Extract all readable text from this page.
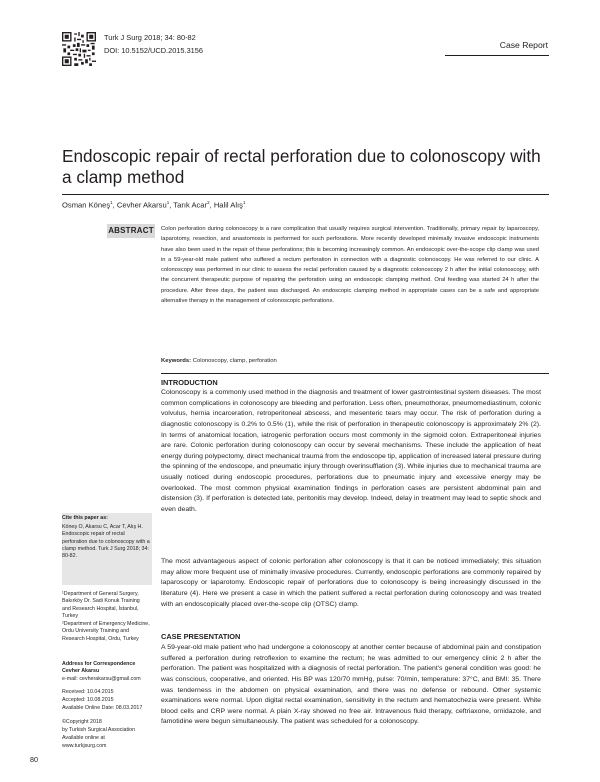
Turk J Surg 2018; 34: 80-82
DOI: 10.5152/UCD.2015.3156
Case Report
Endoscopic repair of rectal perforation due to colonoscopy with a clamp method
Osman Köneş$^1$, Cevher Akarsu$^1$, Tarık Acar$^2$, Halil Alış$^1$
ABSTRACT Colon perforation during colonoscopy is a rare complication that usually requires surgical intervention. Traditionally, primary repair by laparoscopy, laparotomy, resection, and anastomosis is performed for such perforations. More recently developed minimally invasive endoscopic instruments have also been used in the repair of these perforations; this is becoming increasingly common. An endoscopic over-the-scope clip clamp was used in a 59-year-old male patient who suffered a rectum perforation in connection with a diagnostic colonoscopy. He was referred to our clinic. A colonoscopy was performed in our clinic to assess the rectal perforation caused by a diagnostic colonoscopy 2 h after the initial colonoscopy, with the concurrent therapeutic purpose of repairing the perforation using an endoscopic clamping method. Oral feeding was started 24 h after the procedure. After three days, the patient was discharged. An endoscopic clamping method in appropriate cases can be a safe and appropriate alternative therapy in the management of colonoscopic perforations.
Keywords: Colonoscopy, clamp, perforation
INTRODUCTION
Colonoscopy is a commonly used method in the diagnosis and treatment of lower gastrointestinal system diseases. The most common complications in colonoscopy are bleeding and perforation. Less often, pneumothorax, pneumomediastinum, colonic volvulus, hernia incarceration, retroperitoneal abscess, and mesenteric tears may occur. The risk of perforation during a diagnostic colonoscopy is 0.2% to 0.5% (1), while the risk of perforation in therapeutic colonoscopy is approximately 2% (2). In terms of anatomical location, iatrogenic perforation occurs most commonly in the sigmoid colon. Extraperitoneal injuries are rare. Colonic perforation during colonoscopy can occur by several mechanisms. These include the application of heat energy during polypectomy, direct mechanical trauma from the endoscope tip, application of increased lateral pressure during the spinning of the endoscope, and pneumatic injury through overinsufflation (3). While injuries due to mechanical trauma are usually noticed during endoscopic procedures, perforations due to pneumatic injury and excessive energy may be overlooked. The most common physical examination findings in perforation cases are persistent abdominal pain and distension (3). If perforation is detected late, peritonitis may develop. Indeed, delay in treatment may lead to septic shock and even death.
The most advantageous aspect of colonic perforation after colonoscopy is that it can be noticed immediately; this situation may allow more frequent use of minimally invasive procedures. Currently, endoscopic perforations are commonly repaired by laparoscopy or laparotomy. Endoscopic repair of perforations due to colonoscopy is being increasingly discussed in the literature (4). Here we present a case in which the patient suffered a rectal perforation during colonoscopy and was treated with an endoscopically placed over-the-scope clip (OTSC) clamp.
CASE PRESENTATION
A 59-year-old male patient who had undergone a colonoscopy at another center because of abdominal pain and constipation suffered a perforation during retroflexion to examine the rectum; he was admitted to our emergency clinic 2 h after the perforation. The patient was hospitalized with a diagnosis of rectal perforation. The patient's general condition was good: he was conscious, cooperative, and oriented. His BP was 120/70 mmHg, pulse: 70/min, temperature: 37°C, and BMI: 35. There was tenderness in the abdomen on physical examination, and there was no defense or rebound. Other systemic examinations were normal. Upon digital rectal examination, sensitivity in the rectum and hematochezia were present. White blood cells and CRP were normal. A plain X-ray showed no free air. Intravenous fluid therapy, ceftriaxone, ornidazole, and famotidine were begun simultaneously. The patient was scheduled for a colonoscopy.
Cite this paper as:
Köneş O, Akarsu C, Acar T, Alış H. Endoscopic repair of rectal perforation due to colonoscopy with a clamp method. Turk J Surg 2018; 34: 80-82.
¹Department of General Surgery, Bakırköy Dr. Sadi Konuk Training and Research Hospital, İstanbul, Turkey
²Department of Emergency Medicine, Ordu University Training and Research Hospital, Ordu, Turkey
Address for Correspondence
Cevher Akarsu
e-mail: cevherakarsu@gmail.com
Received: 10.04.2015
Accepted: 10.08.2015
Available Online Date: 08.03.2017
©Copyright 2018
by Turkish Surgical Association
Available online at
www.turkjsurg.com
80
